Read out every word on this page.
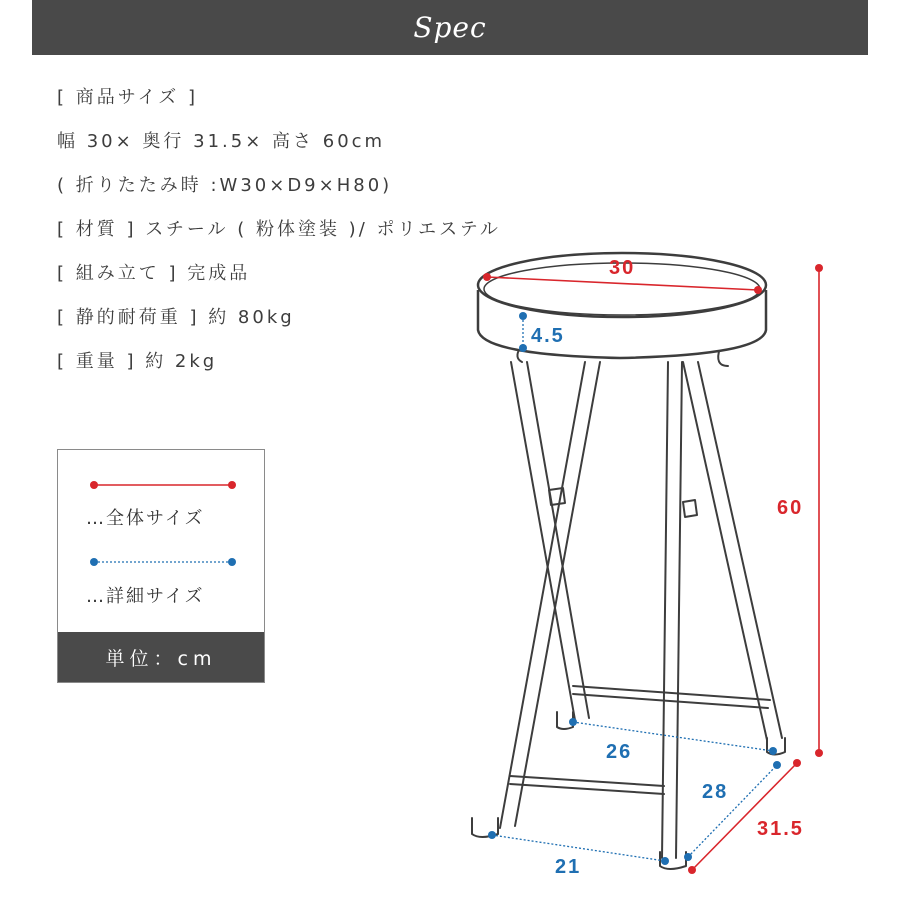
Spec
[ 商品サイズ ]
幅 30× 奥行 31.5× 高さ 60cm
( 折りたたみ時 :W30×D9×H80)
[ 材質 ] スチール ( 粉体塗装 )/ ポリエステル
[ 組み立て ] 完成品
[ 静的耐荷重 ] 約 80kg
[ 重量 ] 約 2kg
…全体サイズ
…詳細サイズ
単位：cm
30
4.5
60
26
28
31.5
21
